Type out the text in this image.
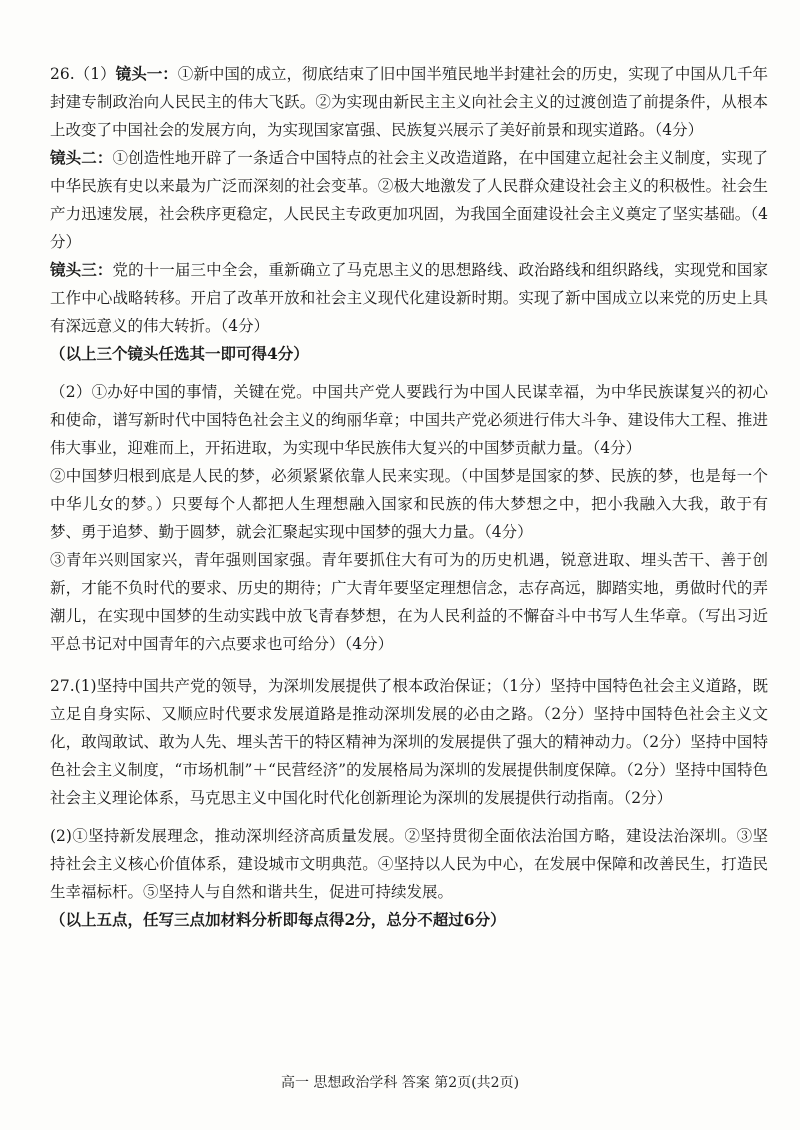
26.（1）镜头一：①新中国的成立，彻底结束了旧中国半殖民地半封建社会的历史，实现了中国从几千年封建专制政治向人民民主的伟大飞跃。②为实现由新民主主义向社会主义的过渡创造了前提条件，从根本上改变了中国社会的发展方向，为实现国家富强、民族复兴展示了美好前景和现实道路。（4分）

镜头二：①创造性地开辟了一条适合中国特点的社会主义改造道路，在中国建立起社会主义制度，实现了中华民族有史以来最为广泛而深刻的社会变革。②极大地激发了人民群众建设社会主义的积极性。社会生产力迅速发展，社会秩序更稳定，人民民主专政更加巩固，为我国全面建设社会主义奠定了坚实基础。（4分）

镜头三：党的十一届三中全会，重新确立了马克思主义的思想路线、政治路线和组织路线，实现党和国家工作中心战略转移。开启了改革开放和社会主义现代化建设新时期。实现了新中国成立以来党的历史上具有深远意义的伟大转折。（4分）

（以上三个镜头任选其一即可得4分）

（2）①办好中国的事情，关键在党。中国共产党人要践行为中国人民谋幸福，为中华民族谋复兴的初心和使命，谱写新时代中国特色社会主义的绚丽华章；中国共产党必须进行伟大斗争、建设伟大工程、推进伟大事业，迎难而上，开拓进取，为实现中华民族伟大复兴的中国梦贡献力量。（4分）

②中国梦归根到底是人民的梦，必须紧紧依靠人民来实现。（中国梦是国家的梦、民族的梦，也是每一个中华儿女的梦。）只要每个人都把人生理想融入国家和民族的伟大梦想之中，把小我融入大我，敢于有梦、勇于追梦、勤于圆梦，就会汇聚起实现中国梦的强大力量。（4分）

③青年兴则国家兴，青年强则国家强。青年要抓住大有可为的历史机遇，锐意进取、埋头苦干、善于创新，才能不负时代的要求、历史的期待；广大青年要坚定理想信念，志存高远，脚踏实地，勇做时代的弄潮儿，在实现中国梦的生动实践中放飞青春梦想，在为人民利益的不懈奋斗中书写人生华章。（写出习近平总书记对中国青年的六点要求也可给分）（4分）

27.(1)坚持中国共产党的领导，为深圳发展提供了根本政治保证；（1分）坚持中国特色社会主义道路，既立足自身实际、又顺应时代要求发展道路是推动深圳发展的必由之路。（2分）坚持中国特色社会主义文化，敢闯敢试、敢为人先、埋头苦干的特区精神为深圳的发展提供了强大的精神动力。（2分）坚持中国特色社会主义制度，“市场机制”＋“民营经济”的发展格局为深圳的发展提供制度保障。（2分）坚持中国特色社会主义理论体系，马克思主义中国化时代化创新理论为深圳的发展提供行动指南。（2分）

(2)①坚持新发展理念，推动深圳经济高质量发展。②坚持贯彻全面依法治国方略，建设法治深圳。③坚持社会主义核心价值体系，建设城市文明典范。④坚持以人民为中心，在发展中保障和改善民生，打造民生幸福标杆。⑤坚持人与自然和谐共生，促进可持续发展。

（以上五点，任写三点加材料分析即每点得2分，总分不超过6分）

高一 思想政治学科 答案 第2页(共2页)
